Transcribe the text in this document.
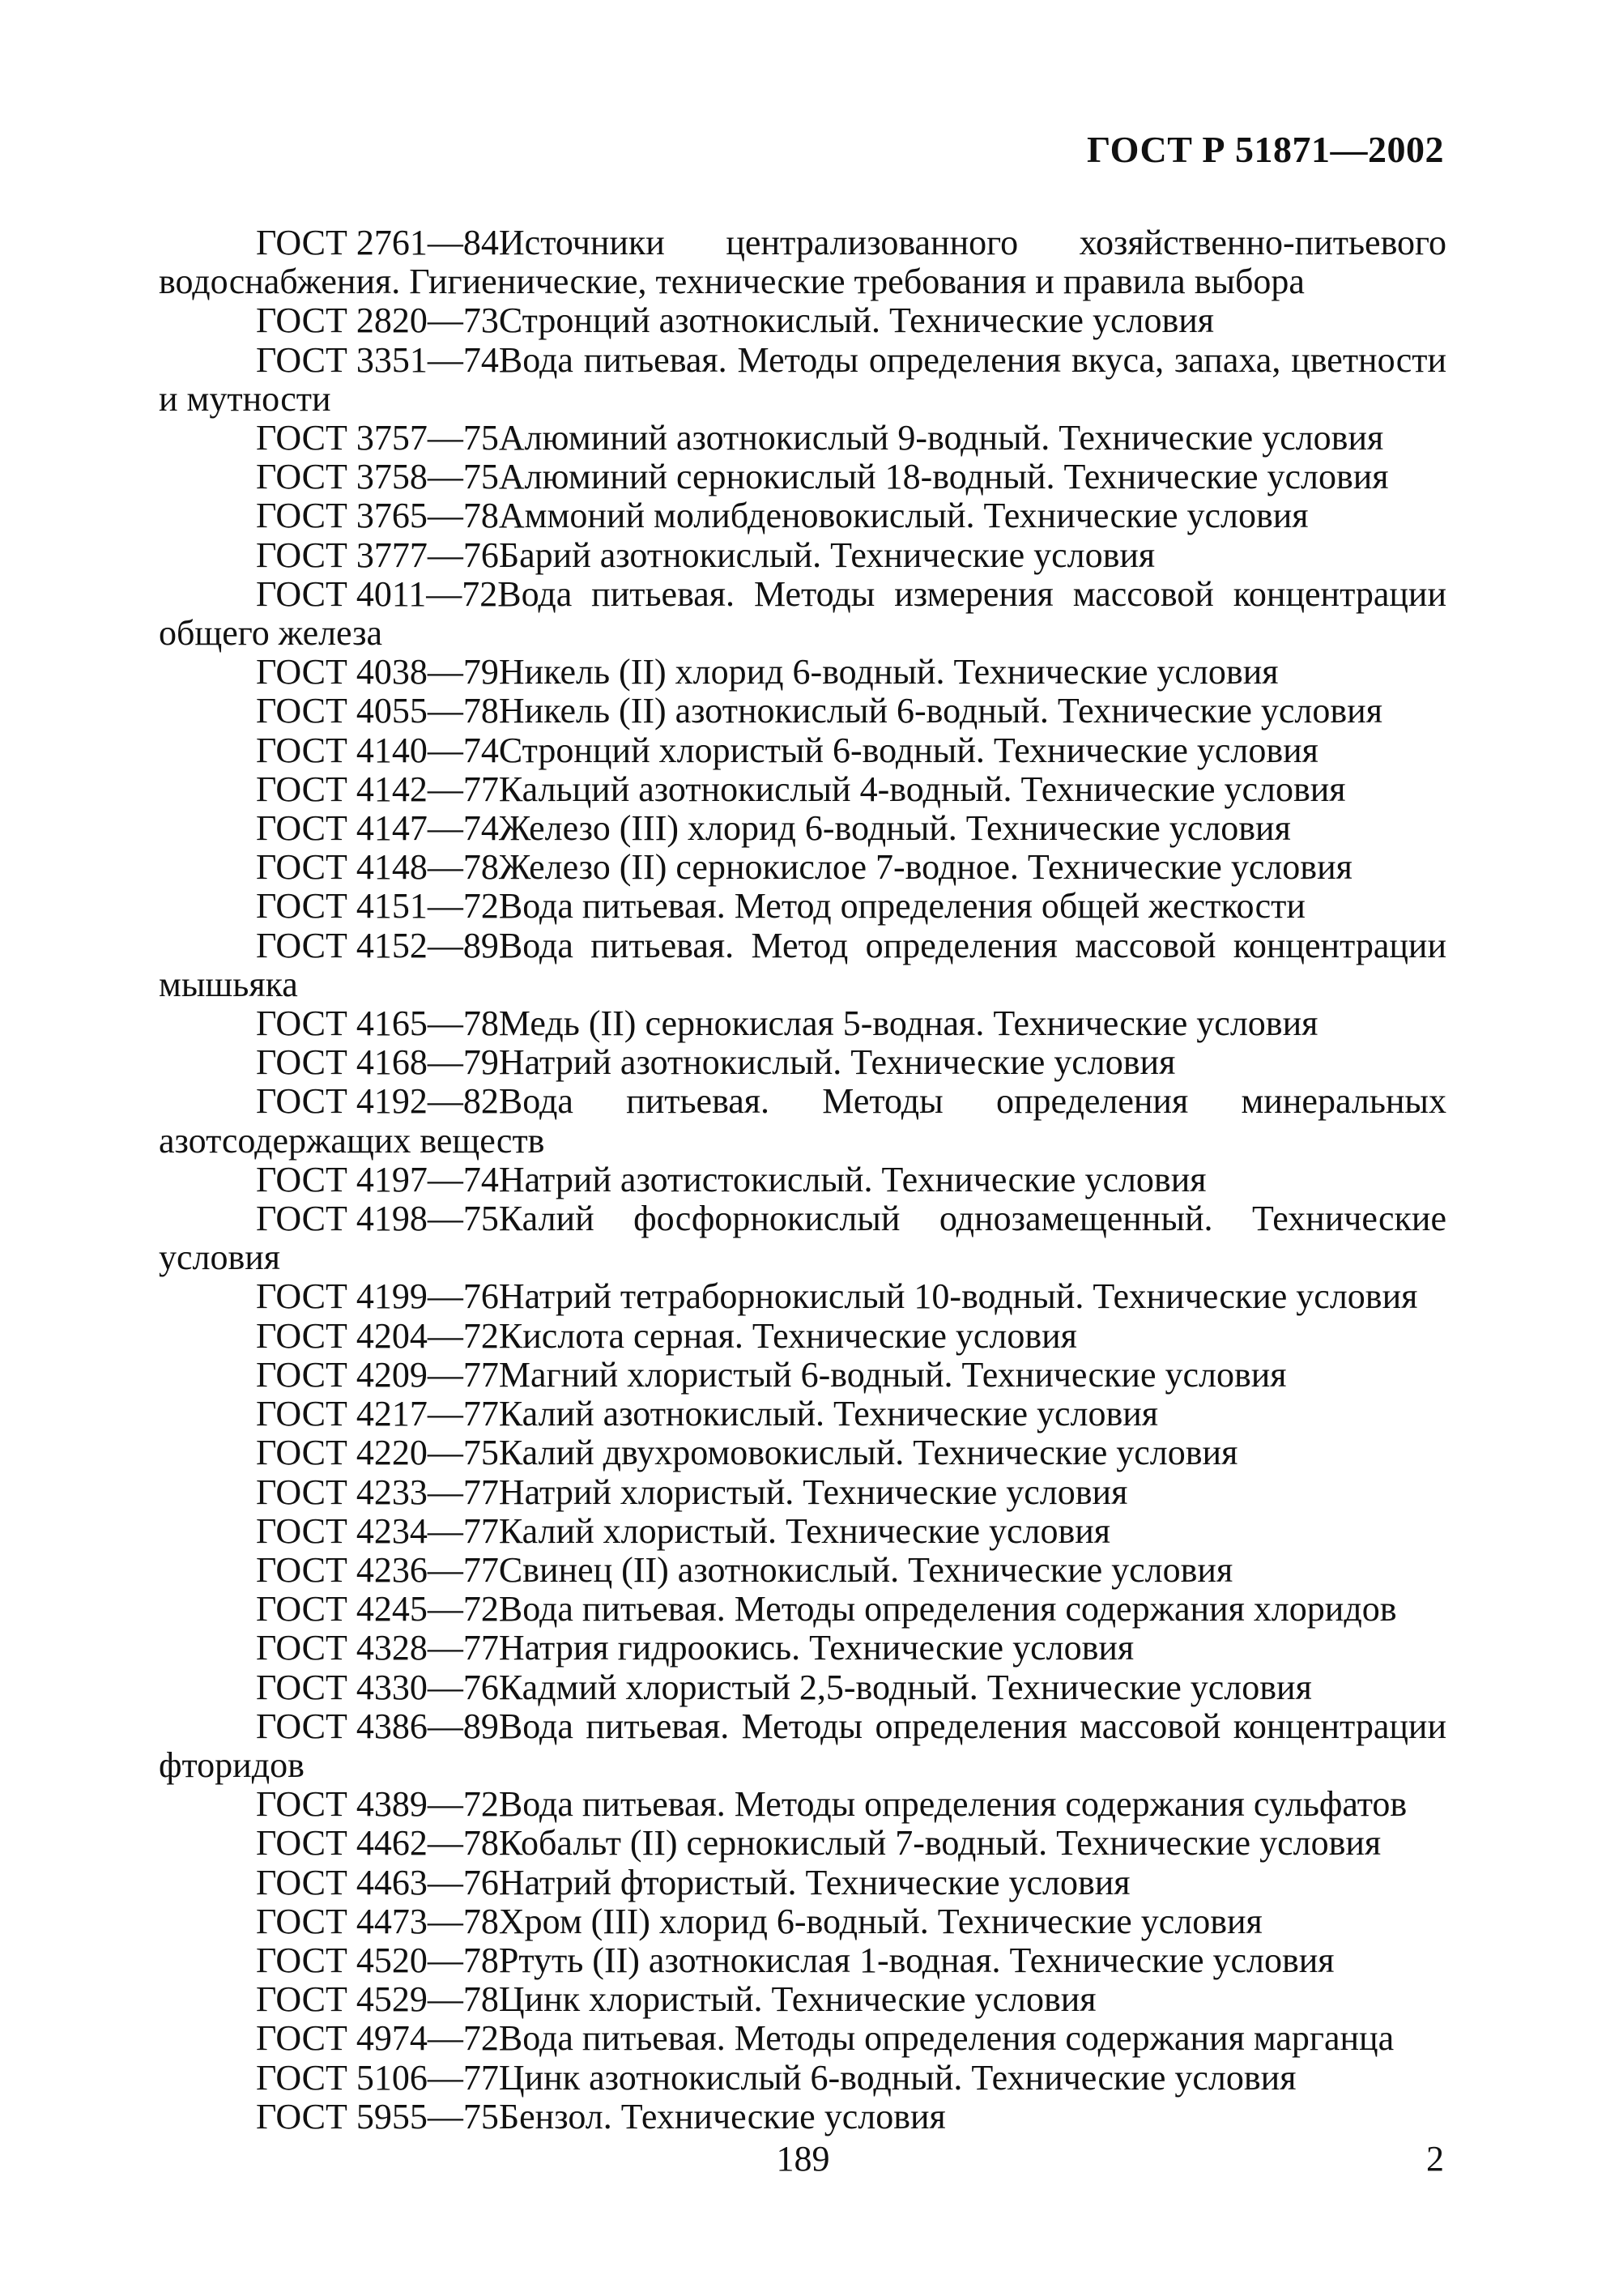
ГОСТ Р 51871—2002
ГОСТ 2761—84Источники централизованного хозяйственно-питьевого водоснабжения. Гигиенические, технические требования и правила выбора
ГОСТ 2820—73Стронций азотнокислый. Технические условия
ГОСТ 3351—74Вода питьевая. Методы определения вкуса, запаха, цветности и мутности
ГОСТ 3757—75Алюминий азотнокислый 9-водный. Технические условия
ГОСТ 3758—75Алюминий сернокислый 18-водный. Технические условия
ГОСТ 3765—78Аммоний молибденовокислый. Технические условия
ГОСТ 3777—76Барий азотнокислый. Технические условия
ГОСТ 4011—72Вода питьевая. Методы измерения массовой концентрации общего железа
ГОСТ 4038—79Никель (II) хлорид 6-водный. Технические условия
ГОСТ 4055—78Никель (II) азотнокислый 6-водный. Технические условия
ГОСТ 4140—74Стронций хлористый 6-водный. Технические условия
ГОСТ 4142—77Кальций азотнокислый 4-водный. Технические условия
ГОСТ 4147—74Железо (III) хлорид 6-водный. Технические условия
ГОСТ 4148—78Железо (II) сернокислое 7-водное. Технические условия
ГОСТ 4151—72Вода питьевая. Метод определения общей жесткости
ГОСТ 4152—89Вода питьевая. Метод определения массовой концентрации мышьяка
ГОСТ 4165—78Медь (II) сернокислая 5-водная. Технические условия
ГОСТ 4168—79Натрий азотнокислый. Технические условия
ГОСТ 4192—82Вода питьевая. Методы определения минеральных азотсодержащих веществ
ГОСТ 4197—74Натрий азотистокислый. Технические условия
ГОСТ 4198—75Калий фосфорнокислый однозамещенный. Технические условия
ГОСТ 4199—76Натрий тетраборнокислый 10-водный. Технические условия
ГОСТ 4204—72Кислота серная. Технические условия
ГОСТ 4209—77Магний хлористый 6-водный. Технические условия
ГОСТ 4217—77Калий азотнокислый. Технические условия
ГОСТ 4220—75Калий двухромовокислый. Технические условия
ГОСТ 4233—77Натрий хлористый. Технические условия
ГОСТ 4234—77Калий хлористый. Технические условия
ГОСТ 4236—77Свинец (II) азотнокислый. Технические условия
ГОСТ 4245—72Вода питьевая. Методы определения содержания хлоридов
ГОСТ 4328—77Натрия гидроокись. Технические условия
ГОСТ 4330—76Кадмий хлористый 2,5-водный. Технические условия
ГОСТ 4386—89Вода питьевая. Методы определения массовой концентрации фторидов
ГОСТ 4389—72Вода питьевая. Методы определения содержания сульфатов
ГОСТ 4462—78Кобальт (II) сернокислый 7-водный. Технические условия
ГОСТ 4463—76Натрий фтористый. Технические условия
ГОСТ 4473—78Хром (III) хлорид 6-водный. Технические условия
ГОСТ 4520—78Ртуть (II) азотнокислая 1-водная. Технические условия
ГОСТ 4529—78Цинк хлористый. Технические условия
ГОСТ 4974—72Вода питьевая. Методы определения содержания марганца
ГОСТ 5106—77Цинк азотнокислый 6-водный. Технические условия
ГОСТ 5955—75Бензол. Технические условия
189	2
